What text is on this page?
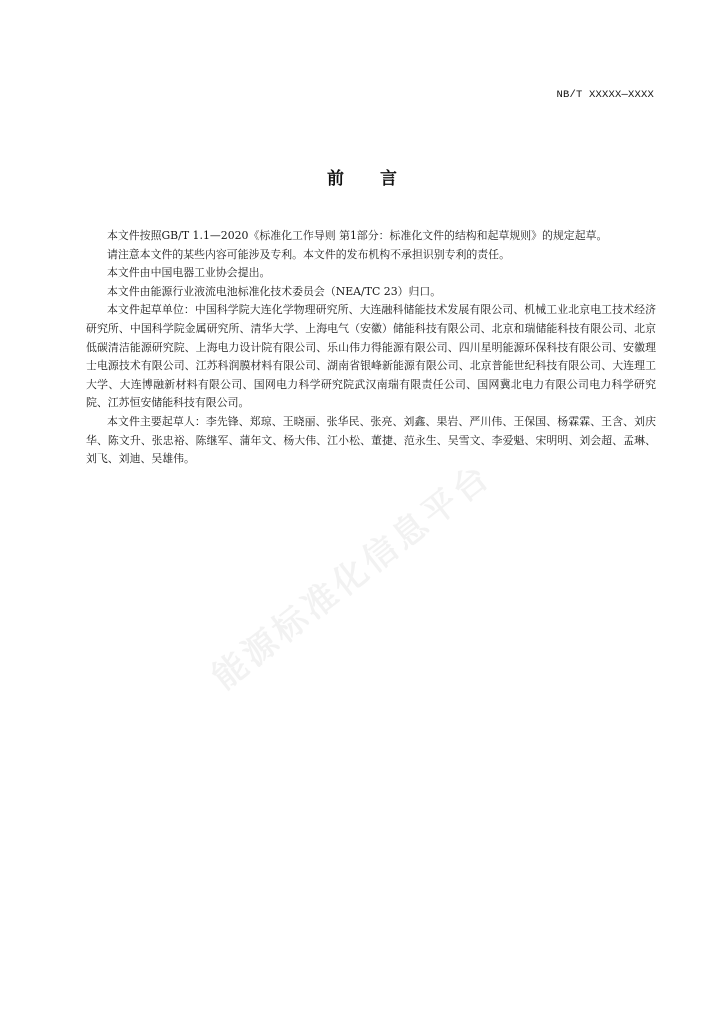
NB/T XXXXX—XXXX
前言

本文件按照GB/T 1.1—2020《标准化工作导则 第1部分：标准化文件的结构和起草规则》的规定起草。

请注意本文件的某些内容可能涉及专利。本文件的发布机构不承担识别专利的责任。

本文件由中国电器工业协会提出。

本文件由能源行业液流电池标准化技术委员会（NEA/TC 23）归口。

本文件起草单位：中国科学院大连化学物理研究所、大连融科储能技术发展有限公司、机械工业北京电工技术经济研究所、中国科学院金属研究所、清华大学、上海电气（安徽）储能科技有限公司、北京和瑞储能科技有限公司、北京低碳清洁能源研究院、上海电力设计院有限公司、乐山伟力得能源有限公司、四川星明能源环保科技有限公司、安徽理士电源技术有限公司、江苏科润膜材料有限公司、湖南省银峰新能源有限公司、北京普能世纪科技有限公司、大连理工大学、大连博融新材料有限公司、国网电力科学研究院武汉南瑞有限责任公司、国网冀北电力有限公司电力科学研究院、江苏恒安储能科技有限公司。

本文件主要起草人：李先锋、郑琼、王晓丽、张华民、张亮、刘鑫、果岩、严川伟、王保国、杨霖霖、王含、刘庆华、陈文升、张忠裕、陈继军、蒲年文、杨大伟、江小松、董捷、范永生、吴雪文、李爱魁、宋明明、刘会超、孟琳、刘飞、刘迪、吴雄伟。 能源标准化信息平台
